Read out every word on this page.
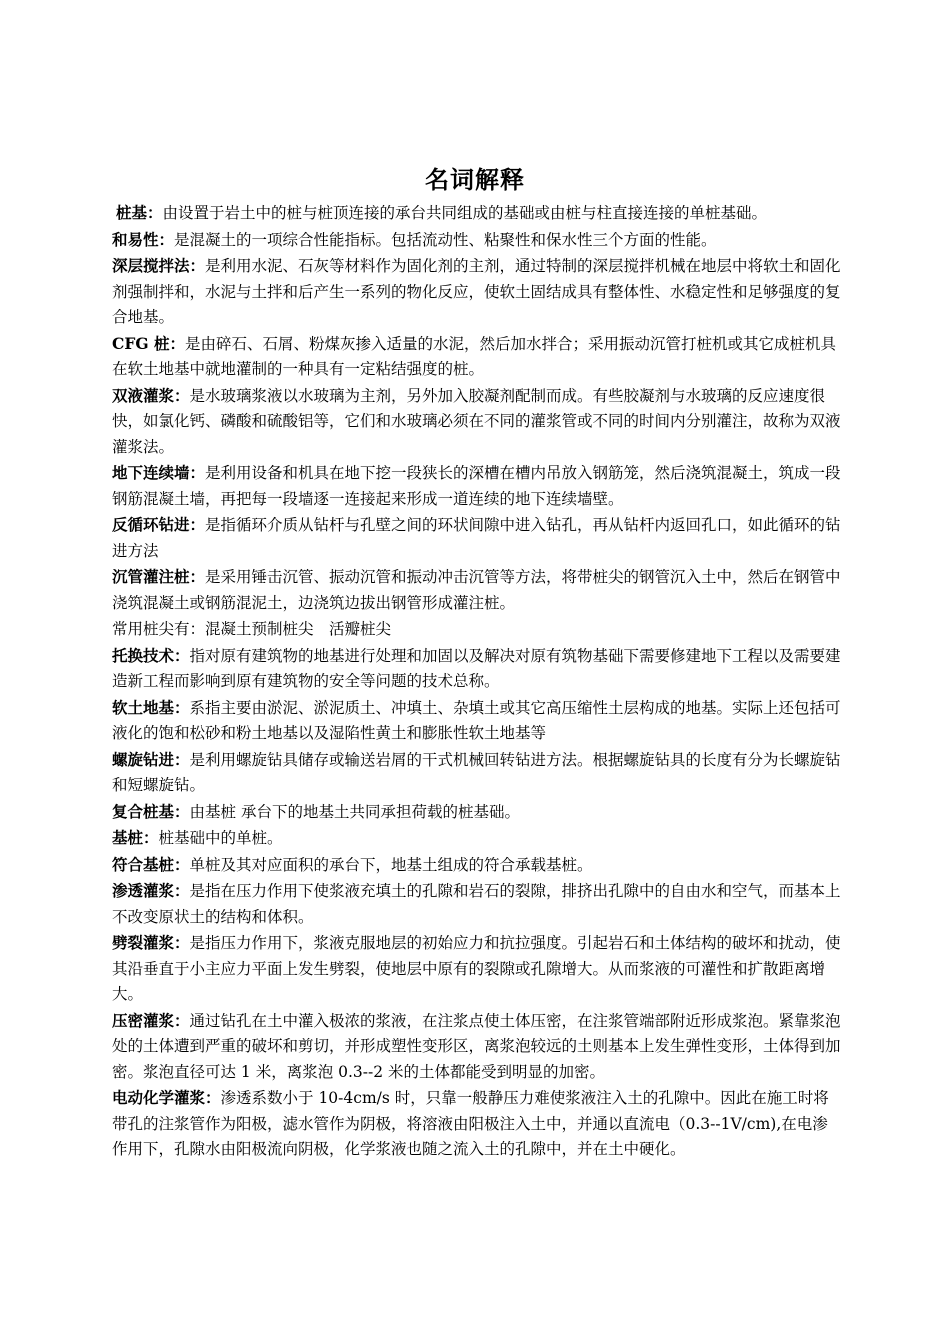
名词解释

桩基：由设置于岩土中的桩与桩顶连接的承台共同组成的基础或由桩与柱直接连接的单桩基础。

和易性：是混凝土的一项综合性能指标。包括流动性、粘聚性和保水性三个方面的性能。

深层搅拌法：是利用水泥、石灰等材料作为固化剂的主剂，通过特制的深层搅拌机械在地层中将软土和固化剂强制拌和，水泥与土拌和后产生一系列的物化反应，使软土固结成具有整体性、水稳定性和足够强度的复合地基。

CFG 桩：是由碎石、石屑、粉煤灰掺入适量的水泥，然后加水拌合；采用振动沉管打桩机或其它成桩机具在软土地基中就地灌制的一种具有一定粘结强度的桩。

双液灌浆：是水玻璃浆液以水玻璃为主剂，另外加入胶凝剂配制而成。有些胶凝剂与水玻璃的反应速度很快，如氯化钙、磷酸和硫酸铝等，它们和水玻璃必须在不同的灌浆管或不同的时间内分别灌注，故称为双液灌浆法。

地下连续墙：是利用设备和机具在地下挖一段狭长的深槽在槽内吊放入钢筋笼，然后浇筑混凝土，筑成一段钢筋混凝土墙，再把每一段墙逐一连接起来形成一道连续的地下连续墙壁。

反循环钻进：是指循环介质从钻杆与孔壁之间的环状间隙中进入钻孔，再从钻杆内返回孔口，如此循环的钻进方法

沉管灌注桩：是采用锤击沉管、振动沉管和振动冲击沉管等方法，将带桩尖的钢管沉入土中，然后在钢管中浇筑混凝土或钢筋混泥土，边浇筑边拔出钢管形成灌注桩。

常用桩尖有：混凝土预制桩尖　活瓣桩尖

托换技术：指对原有建筑物的地基进行处理和加固以及解决对原有筑物基础下需要修建地下工程以及需要建造新工程而影响到原有建筑物的安全等问题的技术总称。

软土地基：系指主要由淤泥、淤泥质土、冲填土、杂填土或其它高压缩性土层构成的地基。实际上还包括可液化的饱和松砂和粉土地基以及湿陷性黄土和膨胀性软土地基等

螺旋钻进：是利用螺旋钻具储存或输送岩屑的干式机械回转钻进方法。根据螺旋钻具的长度有分为长螺旋钻和短螺旋钻。

复合桩基：由基桩 承台下的地基土共同承担荷载的桩基础。

基桩：桩基础中的单桩。

符合基桩：单桩及其对应面积的承台下，地基土组成的符合承载基桩。

渗透灌浆：是指在压力作用下使浆液充填土的孔隙和岩石的裂隙，排挤出孔隙中的自由水和空气，而基本上不改变原状土的结构和体积。

劈裂灌浆：是指压力作用下，浆液克服地层的初始应力和抗拉强度。引起岩石和土体结构的破坏和扰动，使其沿垂直于小主应力平面上发生劈裂，使地层中原有的裂隙或孔隙增大。从而浆液的可灌性和扩散距离增大。

压密灌浆：通过钻孔在土中灌入极浓的浆液，在注浆点使土体压密，在注浆管端部附近形成浆泡。紧靠浆泡处的土体遭到严重的破坏和剪切，并形成塑性变形区，离浆泡较远的土则基本上发生弹性变形，土体得到加密。浆泡直径可达 1 米，离浆泡 0.3--2 米的土体都能受到明显的加密。

电动化学灌浆：渗透系数小于 10-4cm/s 时，只靠一般静压力难使浆液注入土的孔隙中。因此在施工时将带孔的注浆管作为阳极，滤水管作为阴极，将溶液由阳极注入土中，并通以直流电（0.3--1V/cm),在电渗作用下，孔隙水由阳极流向阴极，化学浆液也随之流入土的孔隙中，并在土中硬化。
